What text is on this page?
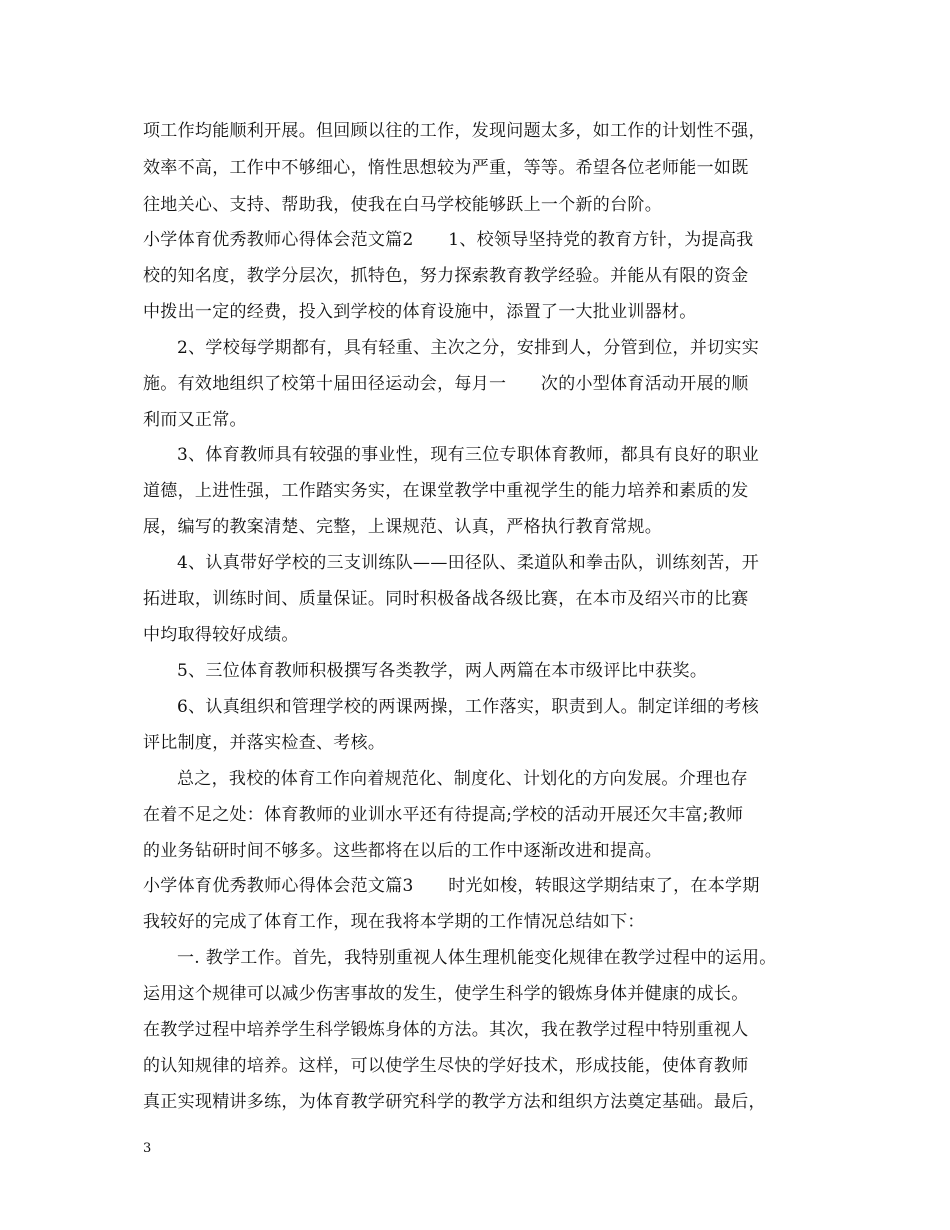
项工作均能顺利开展。但回顾以往的工作，发现问题太多，如工作的计划性不强，
效率不高，工作中不够细心，惰性思想较为严重，等等。希望各位老师能一如既
往地关心、支持、帮助我，使我在白马学校能够跃上一个新的台阶。
小学体育优秀教师心得体会范文篇2　　1、校领导坚持党的教育方针，为提高我
校的知名度，教学分层次，抓特色，努力探索教育教学经验。并能从有限的资金
中拨出一定的经费，投入到学校的体育设施中，添置了一大批业训器材。
2、学校每学期都有，具有轻重、主次之分，安排到人，分管到位，并切实实
施。有效地组织了校第十届田径运动会，每月一　　次的小型体育活动开展的顺
利而又正常。
3、体育教师具有较强的事业性，现有三位专职体育教师，都具有良好的职业
道德，上进性强，工作踏实务实，在课堂教学中重视学生的能力培养和素质的发
展，编写的教案清楚、完整，上课规范、认真，严格执行教育常规。
4、认真带好学校的三支训练队——田径队、柔道队和拳击队，训练刻苦，开
拓进取，训练时间、质量保证。同时积极备战各级比赛，在本市及绍兴市的比赛
中均取得较好成绩。
5、三位体育教师积极撰写各类教学，两人两篇在本市级评比中获奖。
6、认真组织和管理学校的两课两操，工作落实，职责到人。制定详细的考核
评比制度，并落实检查、考核。
总之，我校的体育工作向着规范化、制度化、计划化的方向发展。介理也存
在着不足之处：体育教师的业训水平还有待提高;学校的活动开展还欠丰富;教师
的业务钻研时间不够多。这些都将在以后的工作中逐渐改进和提高。
小学体育优秀教师心得体会范文篇3　　时光如梭，转眼这学期结束了，在本学期
我较好的完成了体育工作，现在我将本学期的工作情况总结如下：
一. 教学工作。首先，我特别重视人体生理机能变化规律在教学过程中的运用。
运用这个规律可以减少伤害事故的发生，使学生科学的锻炼身体并健康的成长。
在教学过程中培养学生科学锻炼身体的方法。其次，我在教学过程中特别重视人
的认知规律的培养。这样，可以使学生尽快的学好技术，形成技能，使体育教师
真正实现精讲多练，为体育教学研究科学的教学方法和组织方法奠定基础。最后，
3
